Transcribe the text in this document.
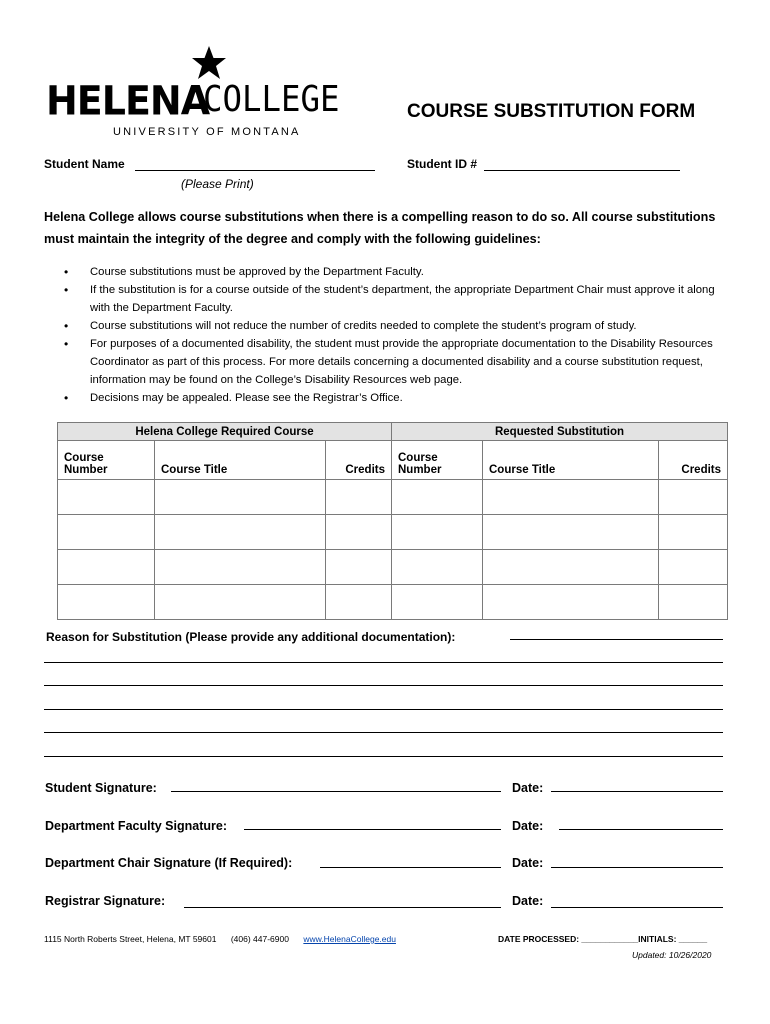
HELENA
COLLEGE
UNIVERSITY OF MONTANA
COURSE SUBSTITUTION FORM
Student Name
(Please Print)
Student ID #
Helena College allows course substitutions when there is a compelling reason to do so. All course substitutions must maintain the integrity of the degree and comply with the following guidelines:
•	Course substitutions must be approved by the Department Faculty.
•	If the substitution is for a course outside of the student’s department, the appropriate Department Chair must approve it along with the Department Faculty.
•	Course substitutions will not reduce the number of credits needed to complete the student’s program of study.
•	For purposes of a documented disability, the student must provide the appropriate documentation to the Disability Resources Coordinator as part of this process. For more details concerning a documented disability and a course substitution request, information may be found on the College’s Disability Resources web page.
•	Decisions may be appealed. Please see the Registrar’s Office.
Helena College Required Course			Requested Substitution		
Course Number	Course Title	Credits	Course Number	Course Title	Credits

Reason for Substitution (Please provide any additional documentation):
Student Signature:	Date:
Department Faculty Signature:	Date:
Department Chair Signature (If Required):	Date:
Registrar Signature:	Date:
1115 North Roberts Street, Helena, MT 59601 (406) 447-6900 www.HelenaCollege.edu	DATE PROCESSED: ____________INITIALS: ______
Updated: 10/26/2020
